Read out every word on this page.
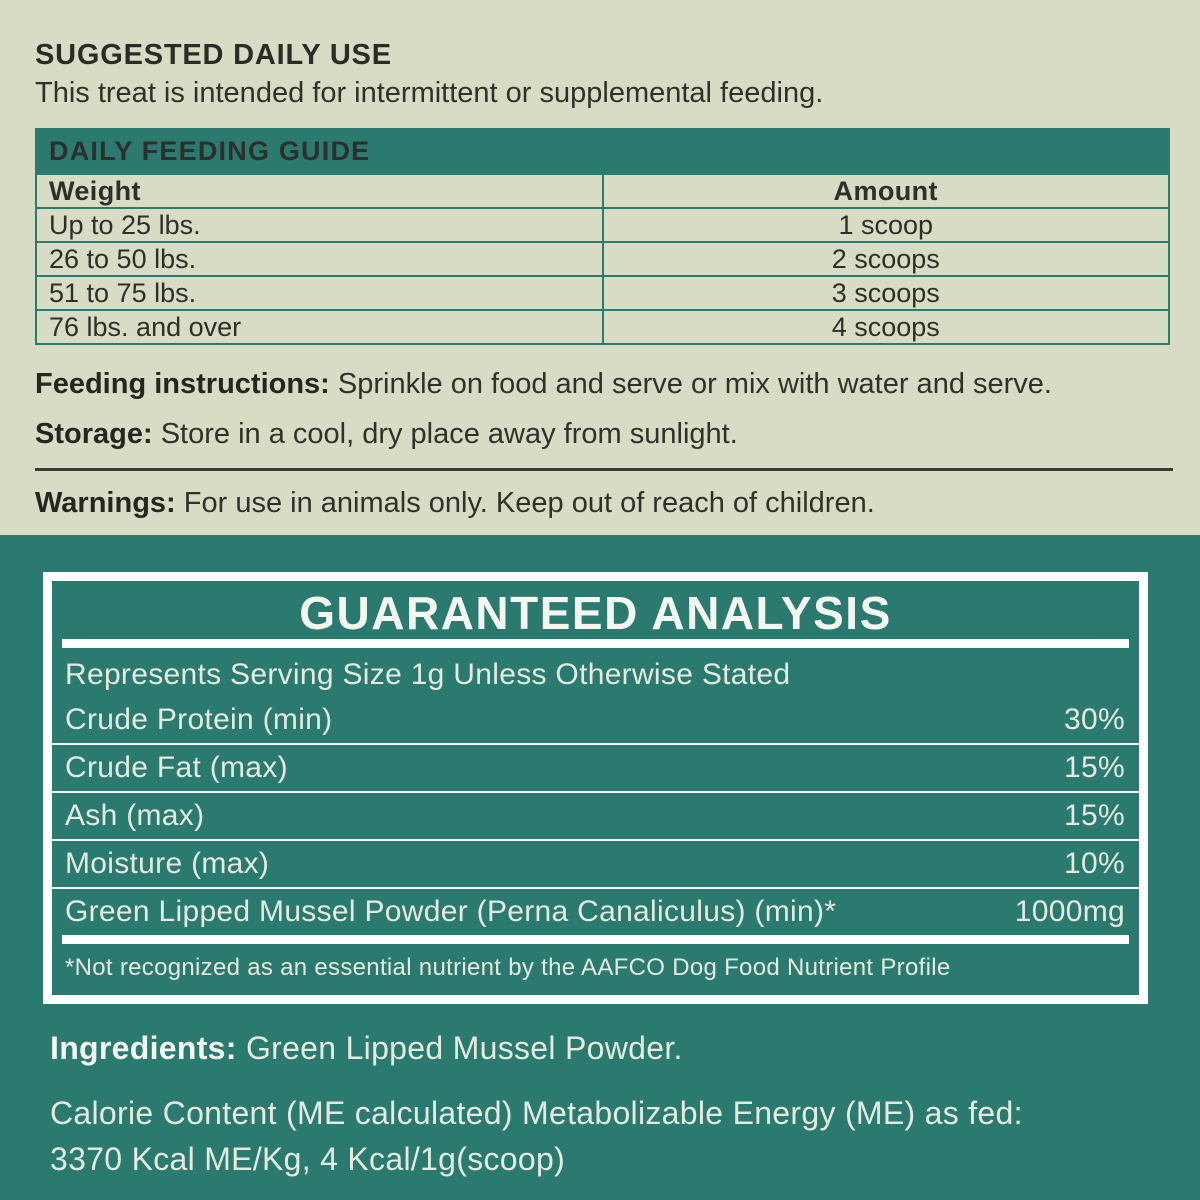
SUGGESTED DAILY USE
This treat is intended for intermittent or supplemental feeding.
DAILY FEEDING GUIDE	
Weight	Amount
Up to 25 lbs.	1 scoop
26 to 50 lbs.	2 scoops
51 to 75 lbs.	3 scoops
76 lbs. and over	4 scoops
Feeding instructions: Sprinkle on food and serve or mix with water and serve.
Storage: Store in a cool, dry place away from sunlight.
Warnings: For use in animals only. Keep out of reach of children.
GUARANTEED ANALYSIS
Represents Serving Size 1g Unless Otherwise Stated
Crude Protein (min)	30%
Crude Fat (max)	15%
Ash (max)	15%
Moisture (max)	10%
Green Lipped Mussel Powder (Perna Canaliculus) (min)*	1000mg
*Not recognized as an essential nutrient by the AAFCO Dog Food Nutrient Profile
Ingredients: Green Lipped Mussel Powder.
Calorie Content (ME calculated) Metabolizable Energy (ME) as fed:
3370 Kcal ME/Kg, 4 Kcal/1g(scoop)
